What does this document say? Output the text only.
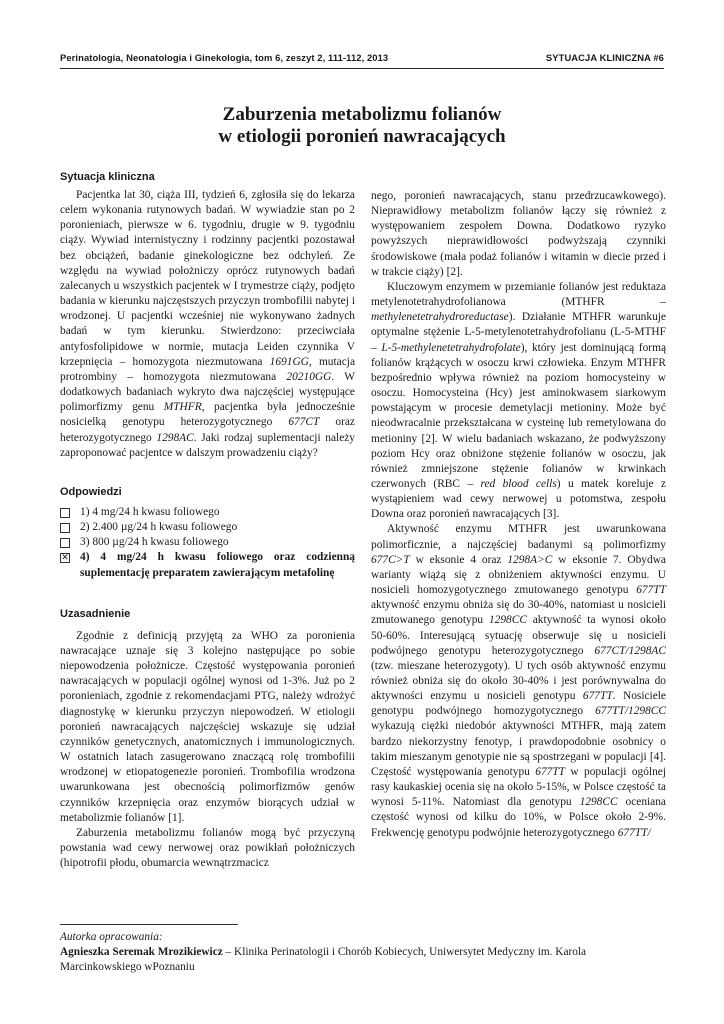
Perinatologia, Neonatologia i Ginekologia, tom 6, zeszyt 2, 111-112, 2013	SYTUACJA KLINICZNA #6
Zaburzenia metabolizmu folianów
w etiologii poronień nawracających
Sytuacja kliniczna

Pacjentka lat 30, ciąża III, tydzień 6, zgłosiła się do lekarza celem wykonania rutynowych badań. W wywiadzie stan po 2 poronieniach, pierwsze w 6. tygodniu, drugie w 9. tygodniu ciąży. Wywiad internistyczny i rodzinny pacjentki pozostawał bez obciążeń, badanie ginekologiczne bez odchyleń. Ze względu na wywiad położniczy oprócz rutynowych badań zalecanych u wszystkich pacjentek w I trymestrze ciąży, podjęto badania w kierunku najczęstszych przyczyn trombofilii nabytej i wrodzonej. U pacjentki wcześniej nie wykonywano żadnych badań w tym kierunku. Stwierdzono: przeciwciała antyfosfolipidowe w normie, mutacja Leiden czynnika V krzepnięcia – homozygota niezmutowana 1691GG, mutacja protrombiny – homozygota niezmutowana 20210GG. W dodatkowych badaniach wykryto dwa najczęściej występujące polimorfizmy genu MTHFR, pacjentka była jednocześnie nosicielką genotypu heterozygotycznego 677CT oraz heterozygotycznego 1298AC. Jaki rodzaj suplementacji należy zaproponować pacjentce w dalszym prowadzeniu ciąży?

Odpowiedzi
1) 4 mg/24 h kwasu foliowego
2) 2.400 µg/24 h kwasu foliowego
3) 800 µg/24 h kwasu foliowego
✕ 4) 4 mg/24 h kwasu foliowego oraz codzienną suplementację preparatem zawierającym metafolinę
Uzasadnienie

Zgodnie z definicją przyjętą za WHO za poronienia nawracające uznaje się 3 kolejno następujące po sobie niepowodzenia położnicze. Częstość występowania poronień nawracających w populacji ogólnej wynosi od 1-3%. Już po 2 poronieniach, zgodnie z rekomendacjami PTG, należy wdrożyć diagnostykę w kierunku przyczyn niepowodzeń. W etiologii poronień nawracających najczęściej wskazuje się udział czynników genetycznych, anatomicznych i immunologicznych. W ostatnich latach zasugerowano znaczącą rolę trombofilii wrodzonej w etiopatogenezie poronień. Trombofilia wrodzona uwarunkowana jest obecnością polimorfizmów genów czynników krzepnięcia oraz enzymów biorących udział w metabolizmie folianów [1].

Zaburzenia metabolizmu folianów mogą być przyczyną powstania wad cewy nerwowej oraz powikłań położniczych (hipotrofii płodu, obumarcia wewnątrzmacicz

nego, poronień nawracających, stanu przedrzucawkowego). Nieprawidłowy metabolizm folianów łączy się również z występowaniem zespołem Downa. Dodatkowo ryzyko powyższych nieprawidłowości podwyższają czynniki środowiskowe (mała podaż folianów i witamin w diecie przed i w trakcie ciąży) [2].

Kluczowym enzymem w przemianie folianów jest reduktaza metylenotetrahydrofolianowa (MTHFR – methylenetetrahydroreductase). Działanie MTHFR warunkuje optymalne stężenie L-5-metylenotetrahydrofolianu (L-5-MTHF – L-5-methylenetetrahydrofolate), który jest dominującą formą folianów krążących w osoczu krwi człowieka. Enzym MTHFR bezpośrednio wpływa również na poziom homocysteiny w osoczu. Homocysteina (Hcy) jest aminokwasem siarkowym powstającym w procesie demetylacji metioniny. Może być nieodwracalnie przekształcana w cysteinę lub remetylowana do metioniny [2]. W wielu badaniach wskazano, że podwyższony poziom Hcy oraz obniżone stężenie folianów w osoczu, jak również zmniejszone stężenie folianów w krwinkach czerwonych (RBC – red blood cells) u matek koreluje z wystąpieniem wad cewy nerwowej u potomstwa, zespołu Downa oraz poronień nawracających [3].

Aktywność enzymu MTHFR jest uwarunkowana polimorficznie, a najczęściej badanymi są polimorfizmy 677C>T w eksonie 4 oraz 1298A>C w eksonie 7. Obydwa warianty wiążą się z obniżeniem aktywności enzymu. U nosicieli homozygotycznego zmutowanego genotypu 677TT aktywność enzymu obniża się do 30-40%, natomiast u nosicieli zmutowanego genotypu 1298CC aktywność ta wynosi około 50-60%. Interesującą sytuację obserwuje się u nosicieli podwójnego genotypu heterozygotycznego 677CT/1298AC (tzw. mieszane heterozygoty). U tych osób aktywność enzymu również obniża się do około 30-40% i jest porównywalna do aktywności enzymu u nosicieli genotypu 677TT. Nosiciele genotypu podwójnego homozygotycznego 677TT/1298CC wykazują ciężki niedobór aktywności MTHFR, mają zatem bardzo niekorzystny fenotyp, i prawdopodobnie osobnicy o takim mieszanym genotypie nie są spostrzegani w populacji [4]. Częstość występowania genotypu 677TT w populacji ogólnej rasy kaukaskiej ocenia się na około 5-15%, w Polsce częstość ta wynosi 5-11%. Natomiast dla genotypu 1298CC oceniana częstość wynosi od kilku do 10%, w Polsce około 2-9%. Frekwencję genotypu podwójnie heterozygotycznego 677TT/

Autorka opracowania:
Agnieszka Seremak Mrozikiewicz – Klinika Perinatologii i Chorób Kobiecych, Uniwersytet Medyczny im. Karola Marcinkowskiego wPoznaniu
